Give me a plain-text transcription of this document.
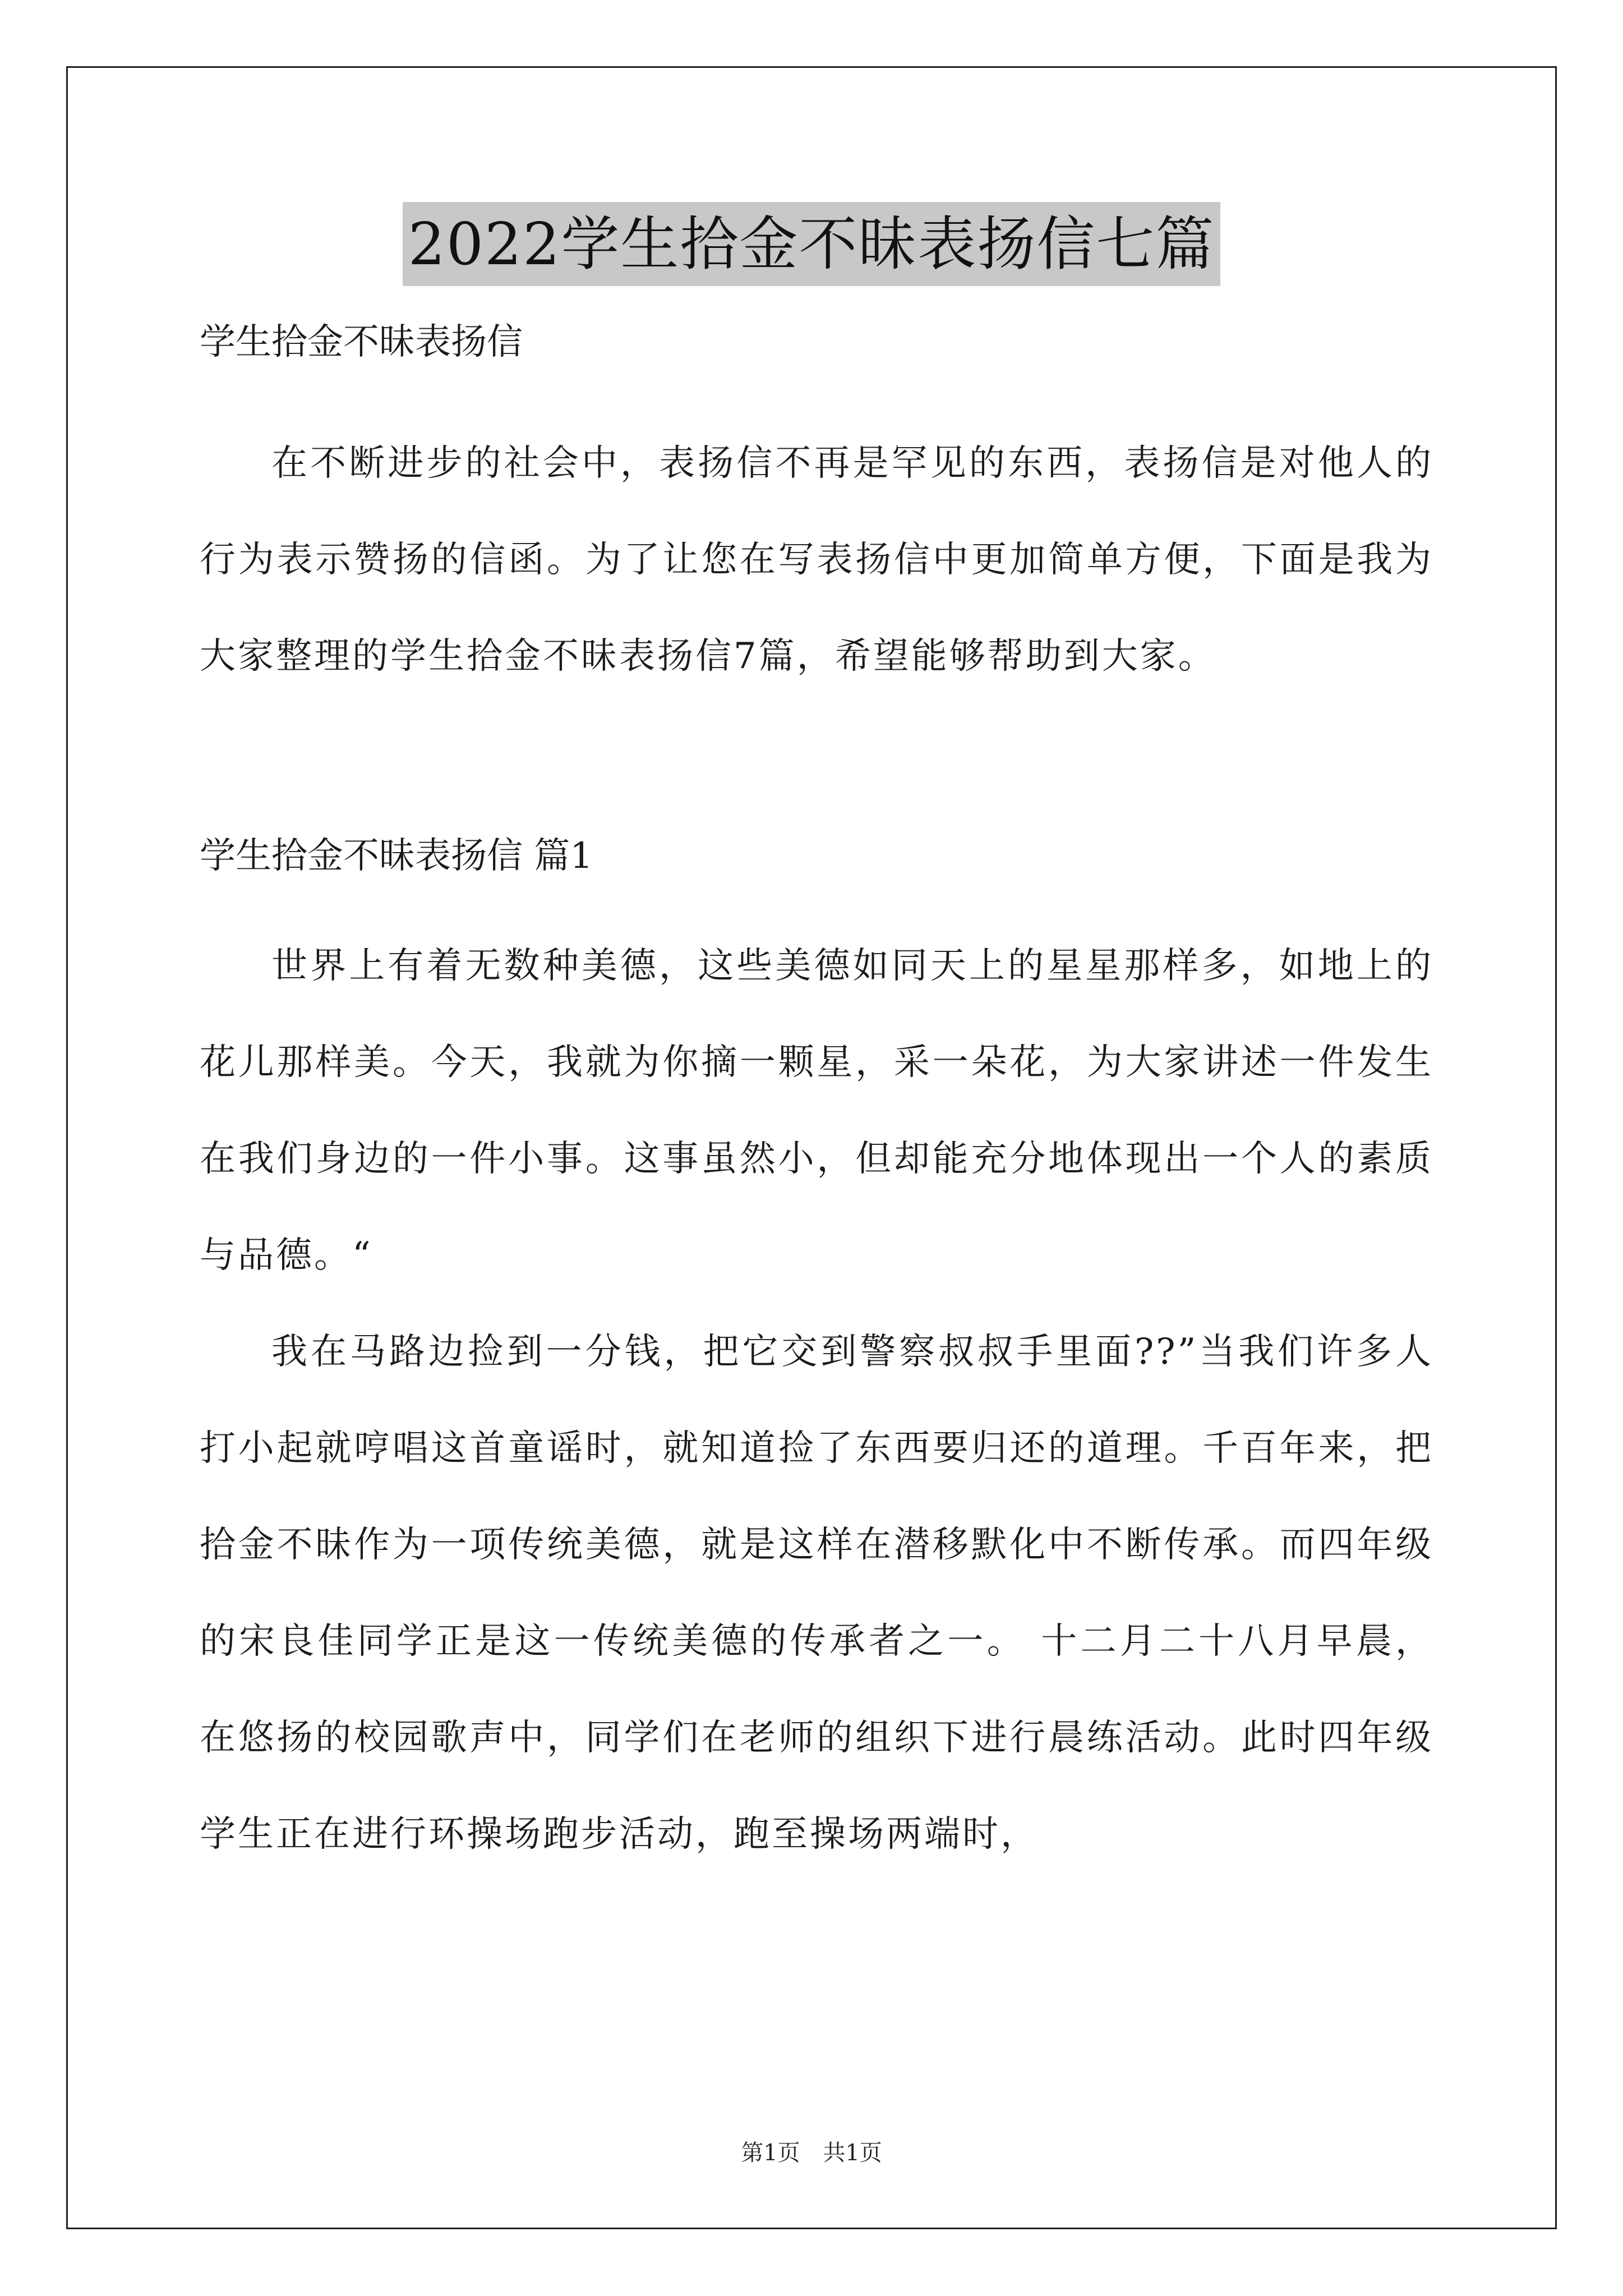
2022学生拾金不昧表扬信七篇

学生拾金不昧表扬信

在不断进步的社会中，表扬信不再是罕见的东西，表扬信是对他人的行为表示赞扬的信函。为了让您在写表扬信中更加简单方便，下面是我为大家整理的学生拾金不昧表扬信7篇，希望能够帮助到大家。

学生拾金不昧表扬信 篇1

世界上有着无数种美德，这些美德如同天上的星星那样多，如地上的花儿那样美。今天，我就为你摘一颗星，采一朵花，为大家讲述一件发生在我们身边的一件小事。这事虽然小，但却能充分地体现出一个人的素质与品德。“

我在马路边捡到一分钱，把它交到警察叔叔手里面??”当我们许多人打小起就哼唱这首童谣时，就知道捡了东西要归还的道理。千百年来，把拾金不昧作为一项传统美德，就是这样在潜移默化中不断传承。而四年级的宋良佳同学正是这一传统美德的传承者之一。 十二月二十八月早晨，在悠扬的校园歌声中，同学们在老师的组织下进行晨练活动。此时四年级学生正在进行环操场跑步活动，跑至操场两端时，

第1页 共1页
